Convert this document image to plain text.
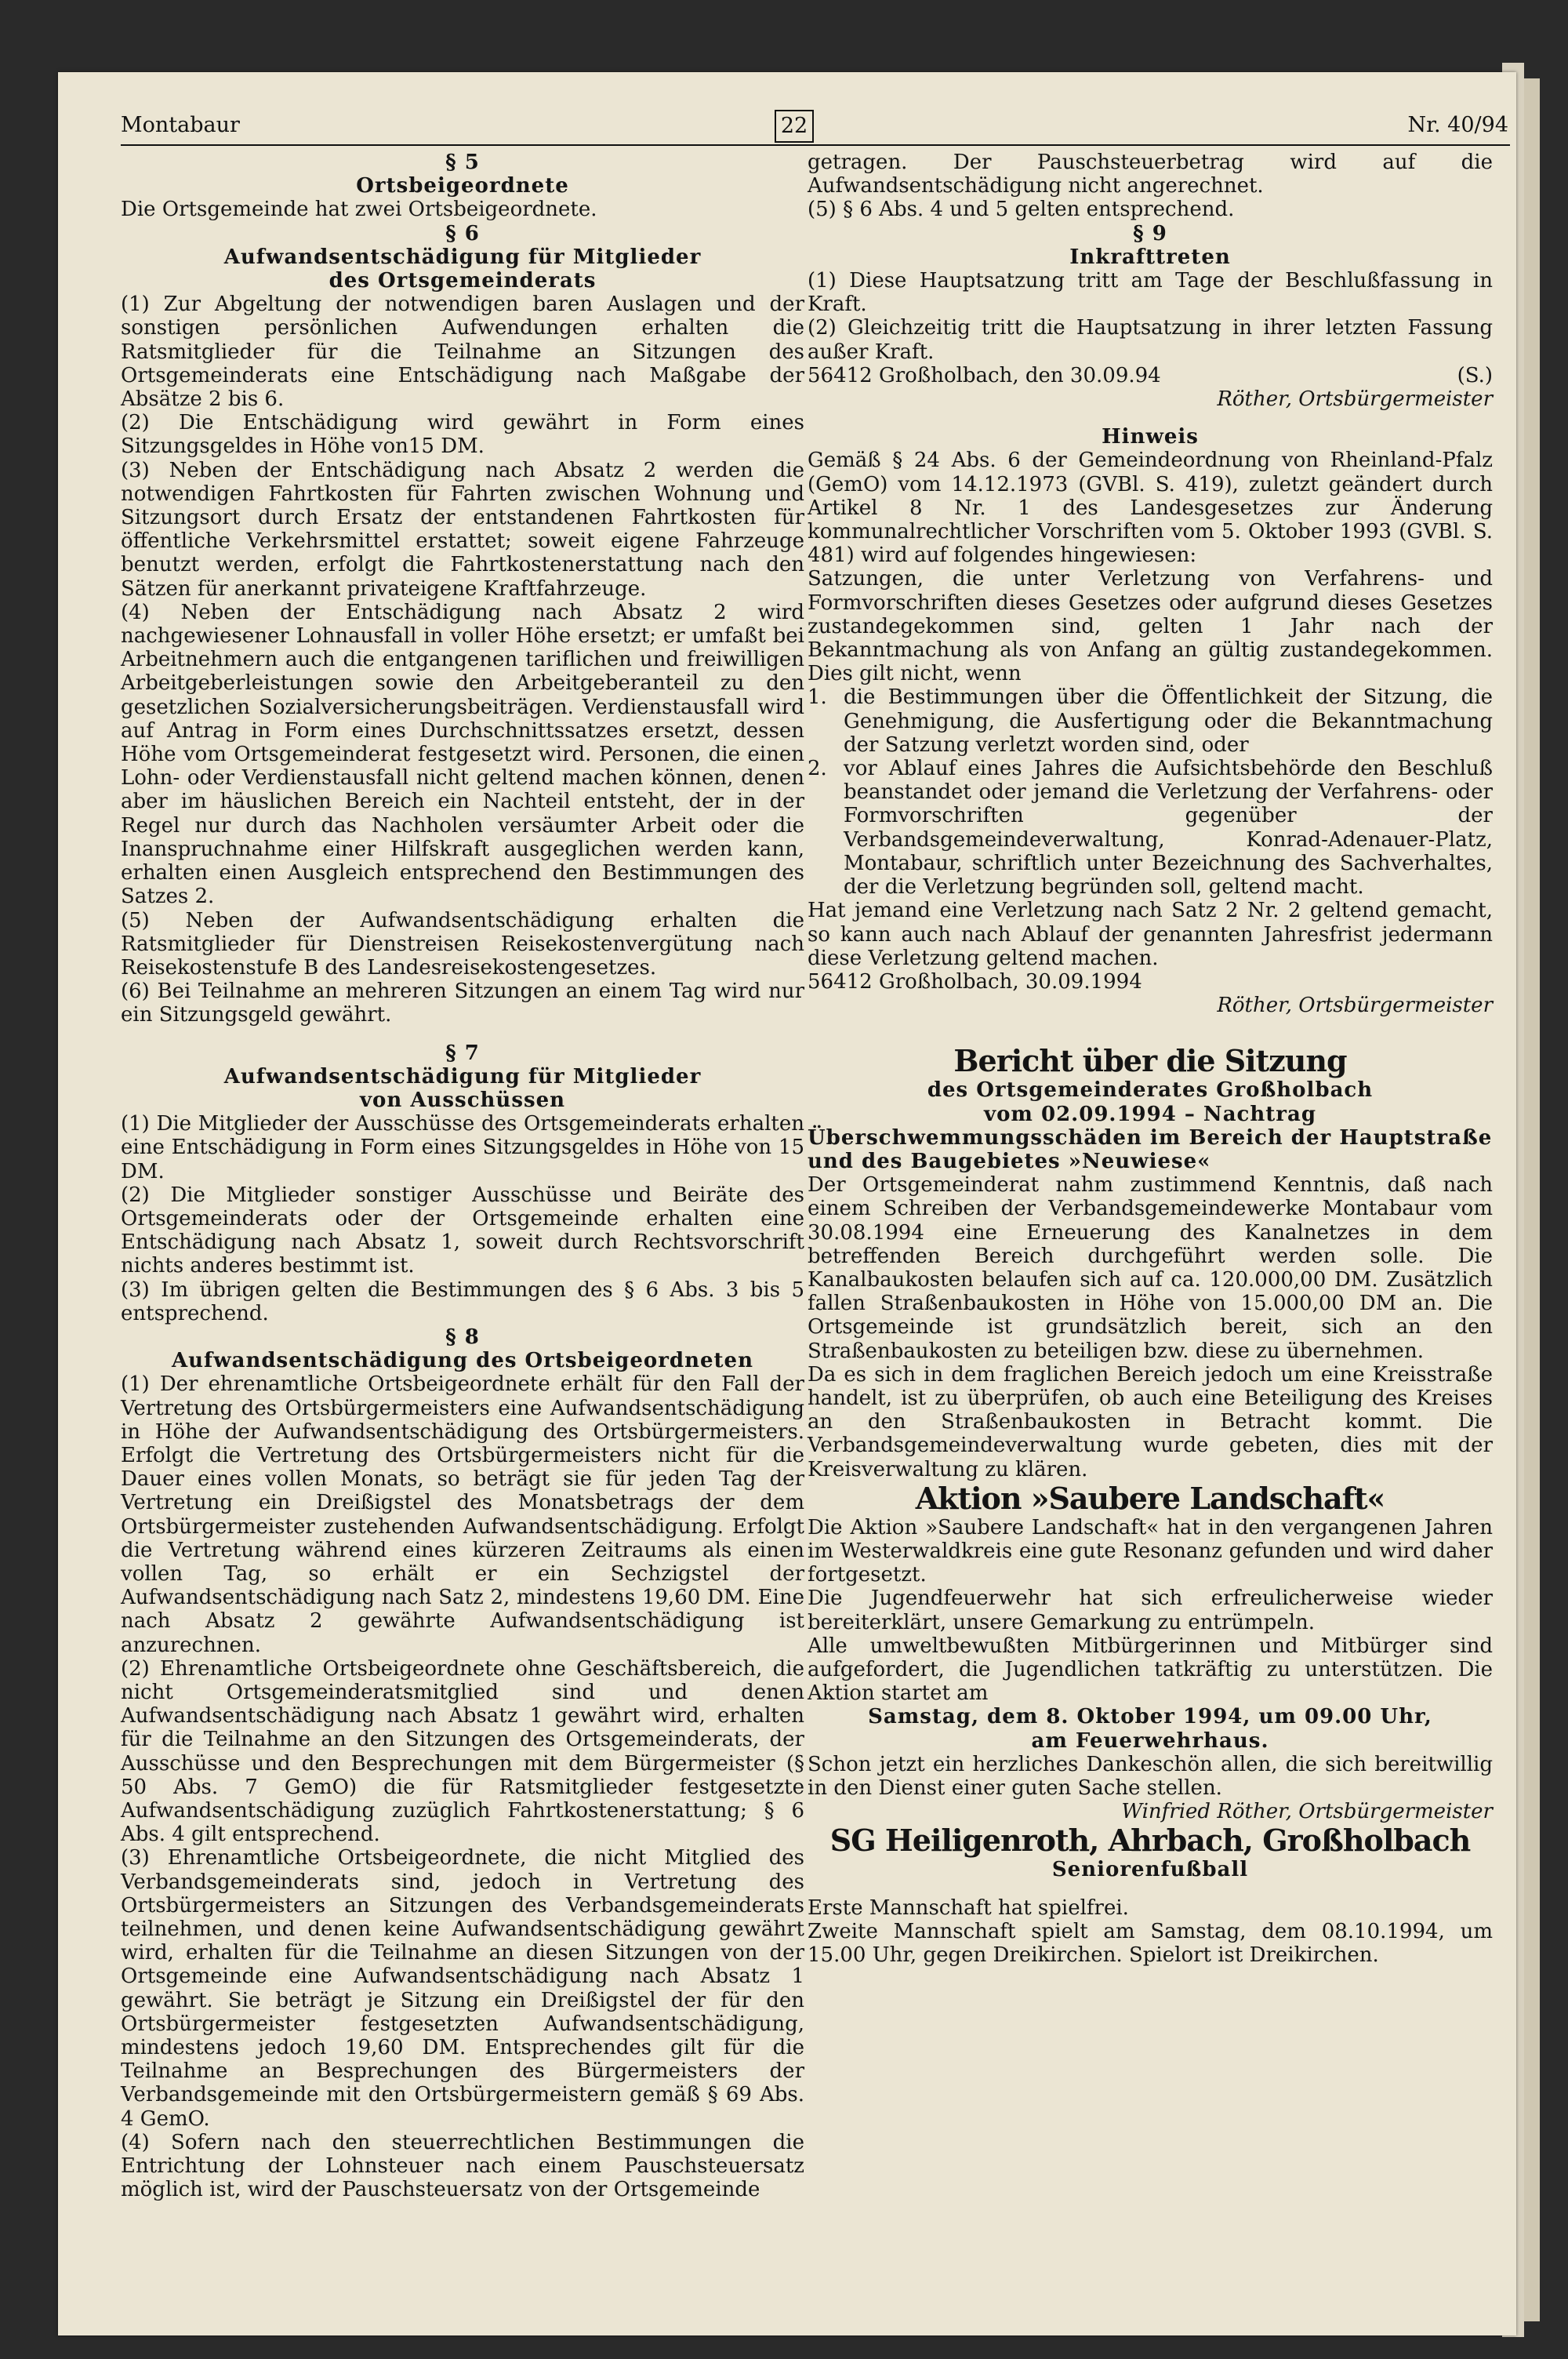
Montabaur	22	Nr. 40/94

§ 5

Ortsbeigeordnete

Die Ortsgemeinde hat zwei Ortsbeigeordnete.

§ 6

Aufwandsentschädigung für Mitglieder

des Ortsgemeinderats

(1) Zur Abgeltung der notwendigen baren Auslagen und der sonstigen persönlichen Aufwendungen erhalten die Ratsmitglieder für die Teilnahme an Sitzungen des Ortsgemeinderats eine Entschädigung nach Maßgabe der Absätze 2 bis 6.

(2) Die Entschädigung wird gewährt in Form eines Sitzungsgeldes in Höhe von15 DM.

(3) Neben der Entschädigung nach Absatz 2 werden die notwendigen Fahrtkosten für Fahrten zwischen Wohnung und Sitzungsort durch Ersatz der entstandenen Fahrtkosten für öffentliche Verkehrsmittel erstattet; soweit eigene Fahrzeuge benutzt werden, erfolgt die Fahrtkostenerstattung nach den Sätzen für anerkannt privateigene Kraftfahrzeuge.

(4) Neben der Entschädigung nach Absatz 2 wird nachgewiesener Lohnausfall in voller Höhe ersetzt; er umfaßt bei Arbeitnehmern auch die entgangenen tariflichen und freiwilligen Arbeitgeberleistungen sowie den Arbeitgeberanteil zu den gesetzlichen Sozialversicherungsbeiträgen. Verdienstausfall wird auf Antrag in Form eines Durchschnittssatzes ersetzt, dessen Höhe vom Ortsgemeinderat festgesetzt wird. Personen, die einen Lohn- oder Verdienstausfall nicht geltend machen können, denen aber im häuslichen Bereich ein Nachteil entsteht, der in der Regel nur durch das Nachholen versäumter Arbeit oder die Inanspruchnahme einer Hilfskraft ausgeglichen werden kann, erhalten einen Ausgleich entsprechend den Bestimmungen des Satzes 2.

(5) Neben der Aufwandsentschädigung erhalten die Ratsmitglieder für Dienstreisen Reisekostenvergütung nach Reisekostenstufe B des Landesreisekostengesetzes.

(6) Bei Teilnahme an mehreren Sitzungen an einem Tag wird nur ein Sitzungsgeld gewährt.

§ 7

Aufwandsentschädigung für Mitglieder

von Ausschüssen

(1) Die Mitglieder der Ausschüsse des Ortsgemeinderats erhalten eine Entschädigung in Form eines Sitzungsgeldes in Höhe von 15 DM.

(2) Die Mitglieder sonstiger Ausschüsse und Beiräte des Ortsgemeinderats oder der Ortsgemeinde erhalten eine Entschädigung nach Absatz 1, soweit durch Rechtsvorschrift nichts anderes bestimmt ist.

(3) Im übrigen gelten die Bestimmungen des § 6 Abs. 3 bis 5 entsprechend.

§ 8

Aufwandsentschädigung des Ortsbeigeordneten

(1) Der ehrenamtliche Ortsbeigeordnete erhält für den Fall der Vertretung des Ortsbürgermeisters eine Aufwandsentschädigung in Höhe der Aufwandsentschädigung des Ortsbürgermeisters. Erfolgt die Vertretung des Ortsbürgermeisters nicht für die Dauer eines vollen Monats, so beträgt sie für jeden Tag der Vertretung ein Dreißigstel des Monatsbetrags der dem Ortsbürgermeister zustehenden Aufwandsentschädigung. Erfolgt die Vertretung während eines kürzeren Zeitraums als einen vollen Tag, so erhält er ein Sechzigstel der Aufwandsentschädigung nach Satz 2, mindestens 19,60 DM. Eine nach Absatz 2 gewährte Aufwandsentschädigung ist anzurechnen.

(2) Ehrenamtliche Ortsbeigeordnete ohne Geschäftsbereich, die nicht Ortsgemeinderatsmitglied sind und denen Aufwandsentschädigung nach Absatz 1 gewährt wird, erhalten für die Teilnahme an den Sitzungen des Ortsgemeinderats, der Ausschüsse und den Besprechungen mit dem Bürgermeister (§ 50 Abs. 7 GemO) die für Ratsmitglieder festgesetzte Aufwandsentschädigung zuzüglich Fahrtkostenerstattung; § 6 Abs. 4 gilt entsprechend.

(3) Ehrenamtliche Ortsbeigeordnete, die nicht Mitglied des Verbandsgemeinderats sind, jedoch in Vertretung des Ortsbürgermeisters an Sitzungen des Verbandsgemeinderats teilnehmen, und denen keine Aufwandsentschädigung gewährt wird, erhalten für die Teilnahme an diesen Sitzungen von der Ortsgemeinde eine Aufwandsentschädigung nach Absatz 1 gewährt. Sie beträgt je Sitzung ein Dreißigstel der für den Ortsbürgermeister festgesetzten Aufwandsentschädigung, mindestens jedoch 19,60 DM. Entsprechendes gilt für die Teilnahme an Besprechungen des Bürgermeisters der Verbandsgemeinde mit den Ortsbürgermeistern gemäß § 69 Abs. 4 GemO.

(4) Sofern nach den steuerrechtlichen Bestimmungen die Entrichtung der Lohnsteuer nach einem Pauschsteuersatz möglich ist, wird der Pauschsteuersatz von der Ortsgemeinde

getragen. Der Pauschsteuerbetrag wird auf die Aufwandsentschädigung nicht angerechnet.

(5) § 6 Abs. 4 und 5 gelten entsprechend.

§ 9

Inkrafttreten

(1) Diese Hauptsatzung tritt am Tage der Beschlußfassung in Kraft.

(2) Gleichzeitig tritt die Hauptsatzung in ihrer letzten Fassung außer Kraft.

56412 Großholbach, den 30.09.94	(S.)

Röther, Ortsbürgermeister

Hinweis

Gemäß § 24 Abs. 6 der Gemeindeordnung von Rheinland-Pfalz (GemO) vom 14.12.1973 (GVBl. S. 419), zuletzt geändert durch Artikel 8 Nr. 1 des Landesgesetzes zur Änderung kommunalrechtlicher Vorschriften vom 5. Oktober 1993 (GVBl. S. 481) wird auf folgendes hingewiesen:

Satzungen, die unter Verletzung von Verfahrens- und Formvorschriften dieses Gesetzes oder aufgrund dieses Gesetzes zustandegekommen sind, gelten 1 Jahr nach der Bekanntmachung als von Anfang an gültig zustandegekommen. Dies gilt nicht, wenn

1. die Bestimmungen über die Öffentlichkeit der Sitzung, die Genehmigung, die Ausfertigung oder die Bekanntmachung der Satzung verletzt worden sind, oder
2. vor Ablauf eines Jahres die Aufsichtsbehörde den Beschluß beanstandet oder jemand die Verletzung der Verfahrens- oder Formvorschriften gegenüber der Verbandsgemeindeverwaltung, Konrad-Adenauer-Platz, Montabaur, schriftlich unter Bezeichnung des Sachverhaltes, der die Verletzung begründen soll, geltend macht.

Hat jemand eine Verletzung nach Satz 2 Nr. 2 geltend gemacht, so kann auch nach Ablauf der genannten Jahresfrist jedermann diese Verletzung geltend machen.

56412 Großholbach, 30.09.1994

Röther, Ortsbürgermeister

Bericht über die Sitzung

des Ortsgemeinderates Großholbach

vom 02.09.1994 – Nachtrag

Überschwemmungsschäden im Bereich der Hauptstraße und des Baugebietes »Neuwiese«

Der Ortsgemeinderat nahm zustimmend Kenntnis, daß nach einem Schreiben der Verbandsgemeindewerke Montabaur vom 30.08.1994 eine Erneuerung des Kanalnetzes in dem betreffenden Bereich durchgeführt werden solle. Die Kanalbaukosten belaufen sich auf ca. 120.000,00 DM. Zusätzlich fallen Straßenbaukosten in Höhe von 15.000,00 DM an. Die Ortsgemeinde ist grundsätzlich bereit, sich an den Straßenbaukosten zu beteiligen bzw. diese zu übernehmen.

Da es sich in dem fraglichen Bereich jedoch um eine Kreisstraße handelt, ist zu überprüfen, ob auch eine Beteiligung des Kreises an den Straßenbaukosten in Betracht kommt. Die Verbandsgemeindeverwaltung wurde gebeten, dies mit der Kreisverwaltung zu klären.

Aktion »Saubere Landschaft«

Die Aktion »Saubere Landschaft« hat in den vergangenen Jahren im Westerwaldkreis eine gute Resonanz gefunden und wird daher fortgesetzt.

Die Jugendfeuerwehr hat sich erfreulicherweise wieder bereiterklärt, unsere Gemarkung zu entrümpeln.

Alle umweltbewußten Mitbürgerinnen und Mitbürger sind aufgefordert, die Jugendlichen tatkräftig zu unterstützen. Die Aktion startet am

Samstag, dem 8. Oktober 1994, um 09.00 Uhr,

am Feuerwehrhaus.

Schon jetzt ein herzliches Dankeschön allen, die sich bereitwillig in den Dienst einer guten Sache stellen.

Winfried Röther, Ortsbürgermeister

SG Heiligenroth, Ahrbach, Großholbach

Seniorenfußball

Erste Mannschaft hat spielfrei.

Zweite Mannschaft spielt am Samstag, dem 08.10.1994, um 15.00 Uhr, gegen Dreikirchen. Spielort ist Dreikirchen.
